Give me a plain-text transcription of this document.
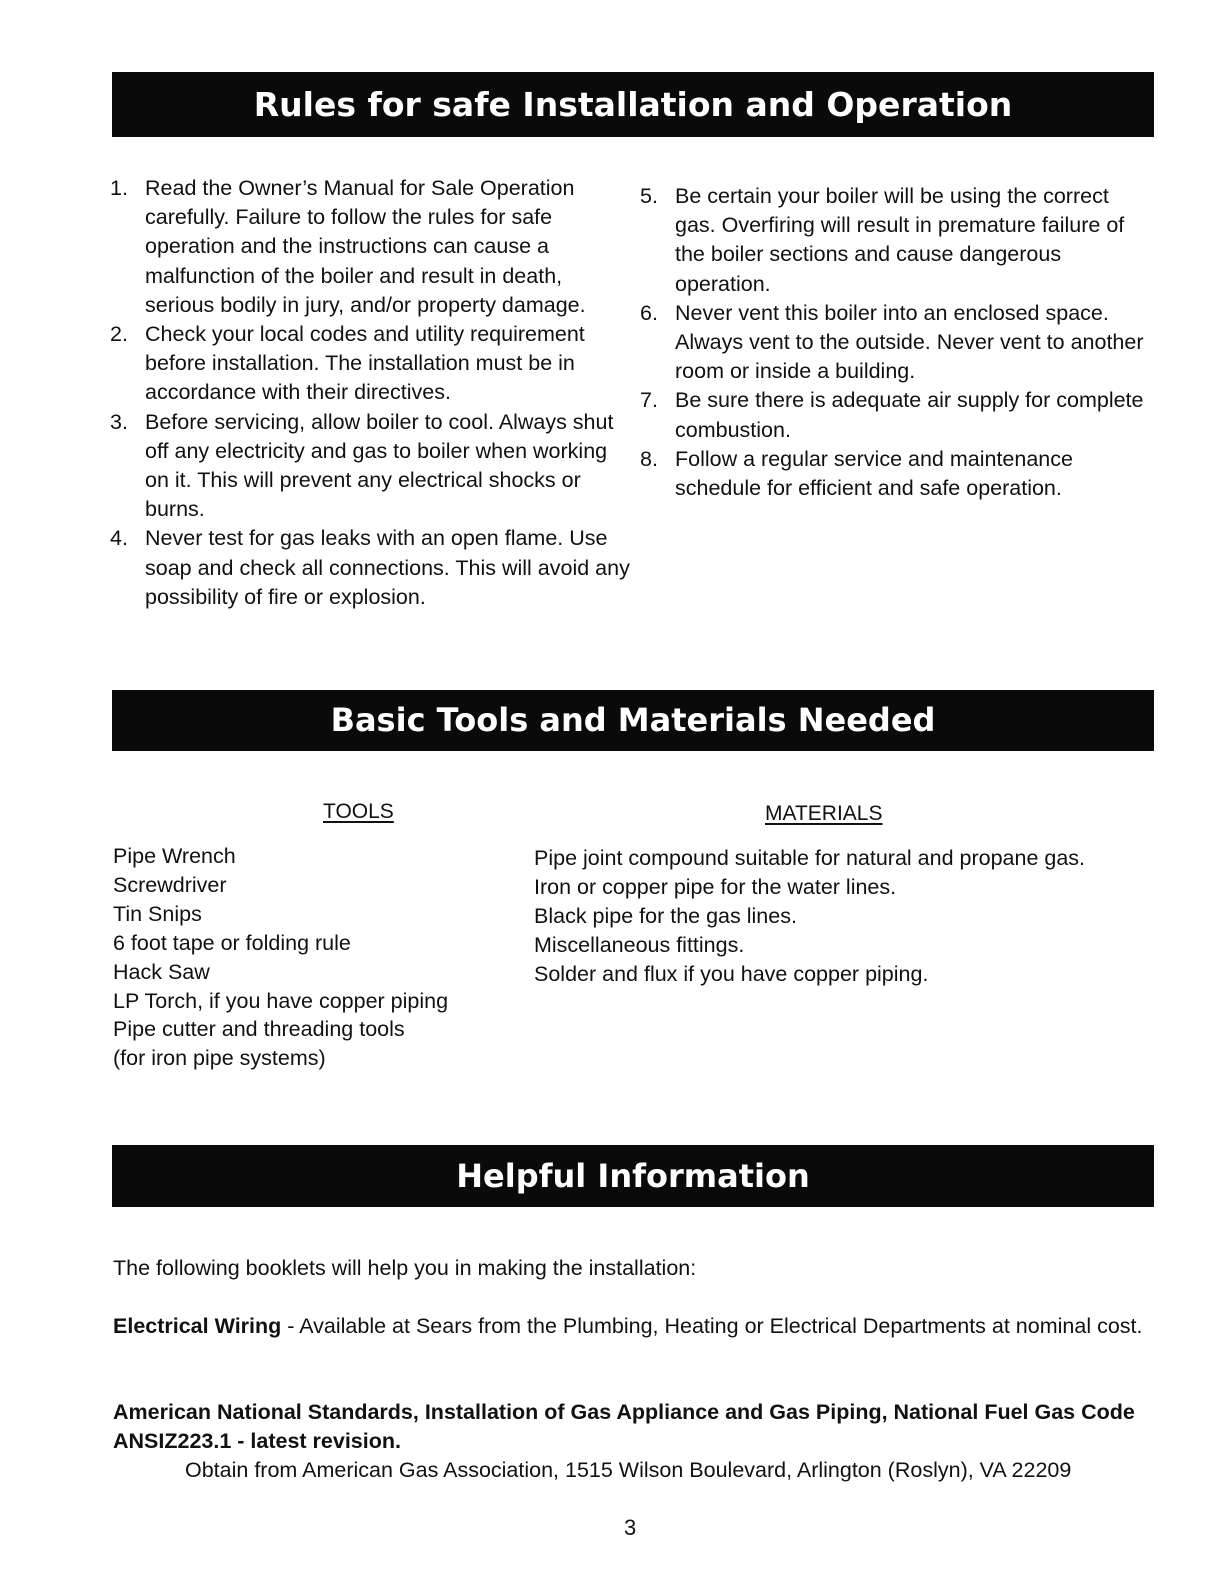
Rules for safe Installation and Operation
1. Read the Owner’s Manual for Sale Operation carefully. Failure to follow the rules for safe operation and the instructions can cause a malfunction of the boiler and result in death, serious bodily in jury, and/or property damage.
2. Check your local codes and utility requirement before installation. The installation must be in accordance with their directives.
3. Before servicing, allow boiler to cool. Always shut off any electricity and gas to boiler when working on it. This will prevent any electrical shocks or burns.
4. Never test for gas leaks with an open flame. Use soap and check all connections. This will avoid any possibility of fire or explosion.
5. Be certain your boiler will be using the correct gas. Overfiring will result in premature failure of the boiler sections and cause dangerous operation.
6. Never vent this boiler into an enclosed space. Always vent to the outside. Never vent to another room or inside a building.
7. Be sure there is adequate air supply for complete combustion.
8. Follow a regular service and maintenance schedule for efficient and safe operation.
Basic Tools and Materials Needed
TOOLS	MATERIALS
Pipe Wrench
Screwdriver
Tin Snips
6 foot tape or folding rule
Hack Saw
LP Torch, if you have copper piping
Pipe cutter and threading tools
(for iron pipe systems)
Pipe joint compound suitable for natural and propane gas.
Iron or copper pipe for the water lines.
Black pipe for the gas lines.
Miscellaneous fittings.
Solder and flux if you have copper piping.
Helpful Information

The following booklets will help you in making the installation:

Electrical Wiring - Available at Sears from the Plumbing, Heating or Electrical Departments at nominal cost.

American National Standards, Installation of Gas Appliance and Gas Piping, National Fuel Gas Code ANSIZ223.1 - latest revision.

Obtain from American Gas Association, 1515 Wilson Boulevard, Arlington (Roslyn), VA 22209

3
